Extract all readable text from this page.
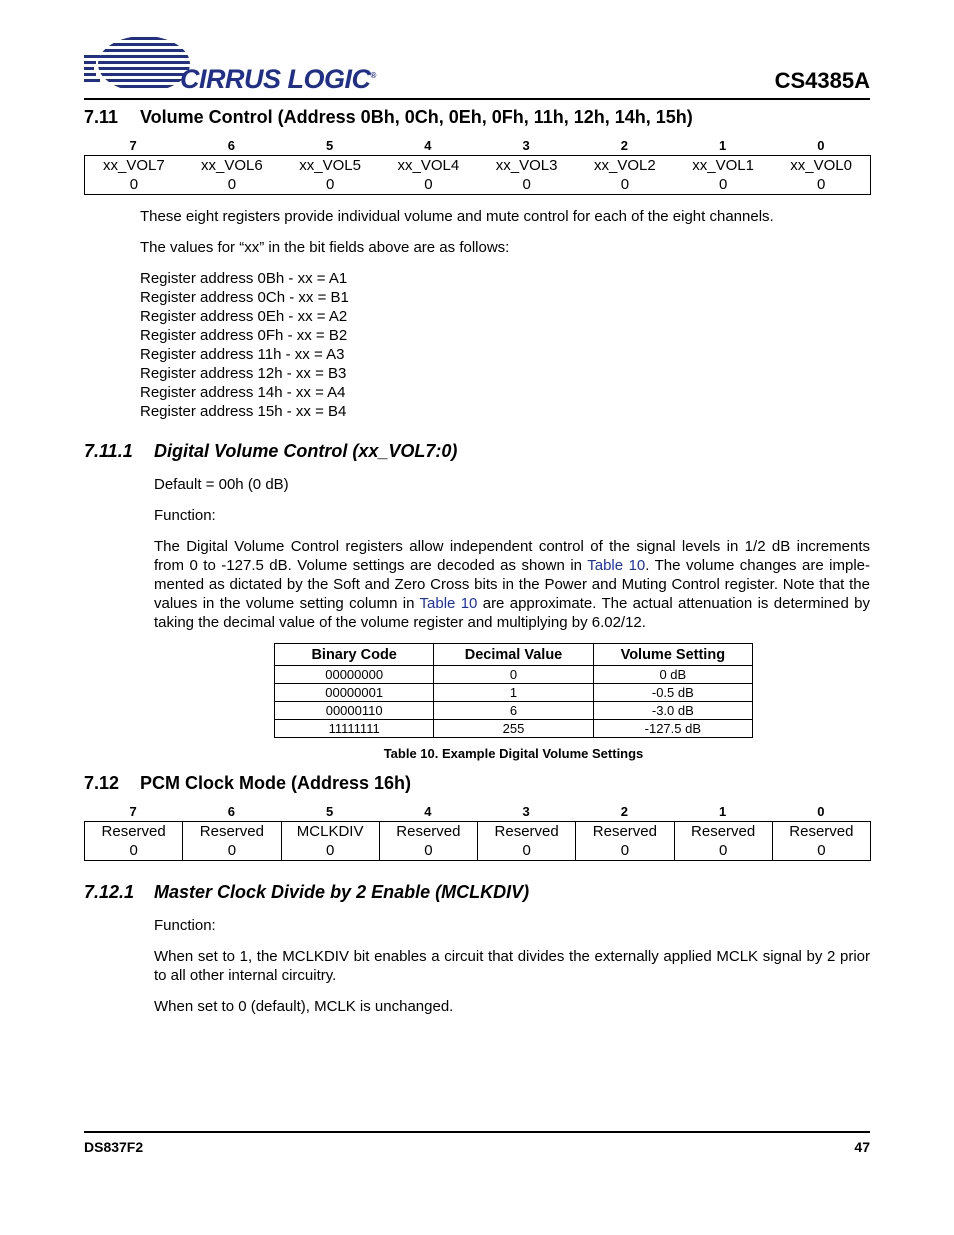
CIRRUS LOGIC®	CS4385A
7.11 Volume Control (Address 0Bh, 0Ch, 0Eh, 0Fh, 11h, 12h, 14h, 15h)
7	6	5	4	3	2	1	0
xx_VOL7	xx_VOL6	xx_VOL5	xx_VOL4	xx_VOL3	xx_VOL2	xx_VOL1	xx_VOL0
0	0	0	0	0	0	0	0

These eight registers provide individual volume and mute control for each of the eight channels.

The values for “xx” in the bit fields above are as follows:

Register address 0Bh - xx = A1

Register address 0Ch - xx = B1

Register address 0Eh - xx = A2

Register address 0Fh - xx = B2

Register address 11h - xx = A3

Register address 12h - xx = B3

Register address 14h - xx = A4

Register address 15h - xx = B4

7.11.1 Digital Volume Control (xx_VOL7:0)

Default = 00h (0 dB)

Function:

The Digital Volume Control registers allow independent control of the signal levels in 1/2 dB increments from 0 to -127.5 dB. Volume settings are decoded as shown in Table 10. The volume changes are imple-mented as dictated by the Soft and Zero Cross bits in the Power and Muting Control register. Note that the values in the volume setting column in Table 10 are approximate. The actual attenuation is determined by taking the decimal value of the volume register and multiplying by 6.02/12.

Binary Code	Decimal Value	Volume Setting
00000000	0	0 dB
00000001	1	-0.5 dB
00000110	6	-3.0 dB
11111111	255	-127.5 dB
Table 10. Example Digital Volume Settings
7.12 PCM Clock Mode (Address 16h)
7	6	5	4	3	2	1	0
Reserved	Reserved	MCLKDIV	Reserved	Reserved	Reserved	Reserved	Reserved
0	0	0	0	0	0	0	0
7.12.1 Master Clock Divide by 2 Enable (MCLKDIV)

Function:

When set to 1, the MCLKDIV bit enables a circuit that divides the externally applied MCLK signal by 2 prior to all other internal circuitry.

When set to 0 (default), MCLK is unchanged.

DS837F2	47
